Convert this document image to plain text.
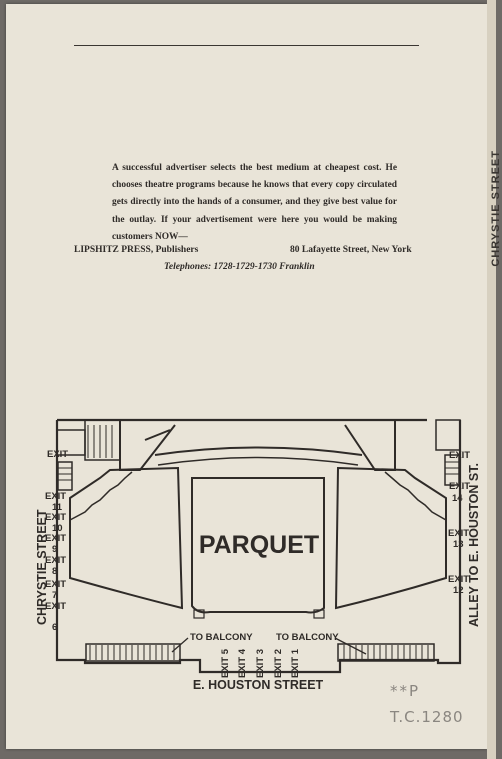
CHRYSTIE STREET
A successful advertiser selects the best medium at cheapest cost. He chooses theatre programs because he knows that every copy circulated gets directly into the hands of a consumer, and they give best value for the outlay. If your advertisement were here you would be making customers NOW—
LIPSHITZ PRESS, Publishers	80 Lafayette Street, New York
Telephones: 1728-1729-1730 Franklin
PARQUET
CHRYSTIE STREET	ALLEY TO E. HOUSTON ST.
E. HOUSTON STREET
TO BALCONY TO BALCONY
EXIT
EXIT
11
EXIT
10
EXIT
9
EXIT
8
EXIT
7
EXIT
6
EXIT
EXIT
14
EXIT
13
EXIT
12
EXIT 5 EXIT 4 EXIT 3 EXIT 2 EXIT 1
**P
T.C.1280
